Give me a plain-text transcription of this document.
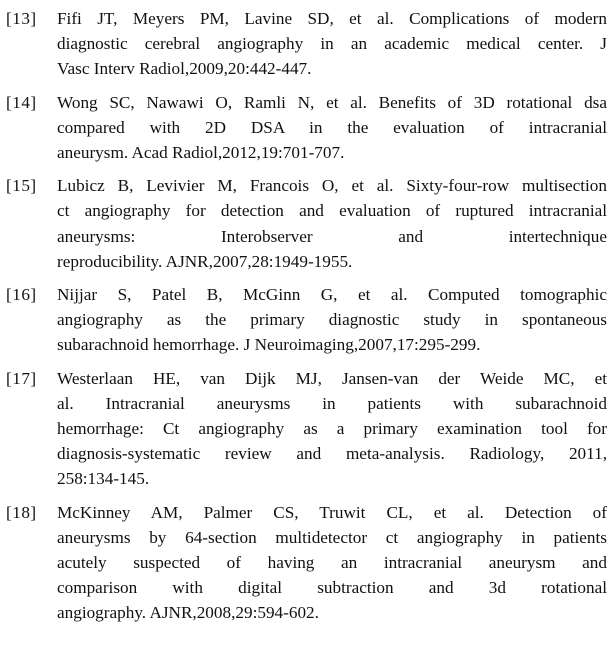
[13] Fifi JT, Meyers PM, Lavine SD, et al. Complications of modern
diagnostic cerebral angiography in an academic medical center. J
Vasc Interv Radiol,2009,20:442-447.
[14] Wong SC, Nawawi O, Ramli N, et al. Benefits of 3D rotational dsa
compared with 2D DSA in the evaluation of intracranial
aneurysm. Acad Radiol,2012,19:701-707.
[15] Lubicz B, Levivier M, Francois O, et al. Sixty-four-row multisection
ct angiography for detection and evaluation of ruptured intracranial
aneurysms: Interobserver and intertechnique
reproducibility. AJNR,2007,28:1949-1955.
[16] Nijjar S, Patel B, McGinn G, et al. Computed tomographic
angiography as the primary diagnostic study in spontaneous
subarachnoid hemorrhage. J Neuroimaging,2007,17:295-299.
[17] Westerlaan HE, van Dijk MJ, Jansen-van der Weide MC, et
al. Intracranial aneurysms in patients with subarachnoid
hemorrhage: Ct angiography as a primary examination tool for
diagnosis-systematic review and meta-analysis. Radiology, 2011,
258:134-145.
[18] McKinney AM, Palmer CS, Truwit CL, et al. Detection of
aneurysms by 64-section multidetector ct angiography in patients
acutely suspected of having an intracranial aneurysm and
comparison with digital subtraction and 3d rotational
angiography. AJNR,2008,29:594-602.
